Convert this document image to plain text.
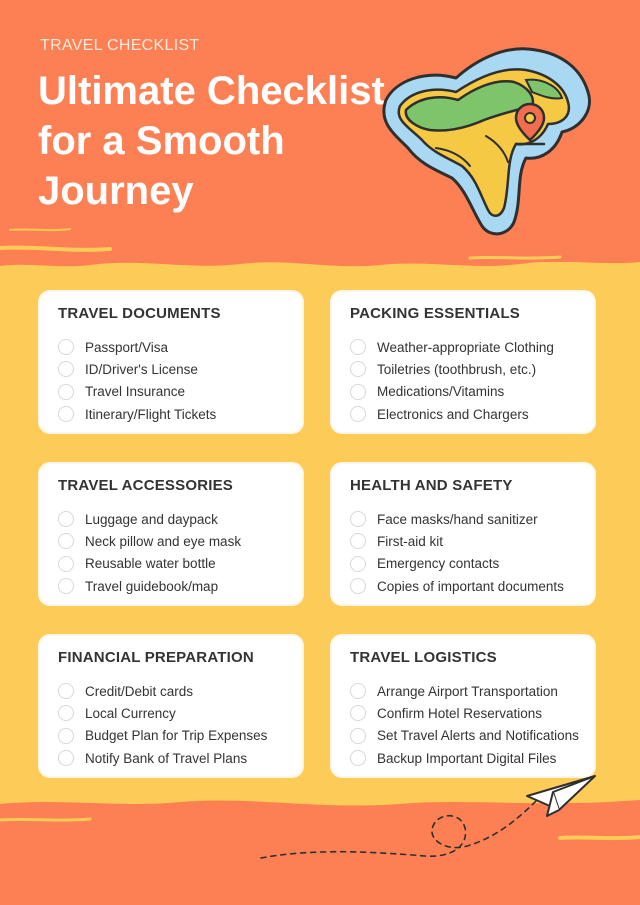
TRAVEL CHECKLIST
Ultimate Checklist for a Smooth Journey
TRAVEL DOCUMENTS
Passport/Visa
ID/Driver's License
Travel Insurance
Itinerary/Flight Tickets
PACKING ESSENTIALS
Weather-appropriate Clothing
Toiletries (toothbrush, etc.)
Medications/Vitamins
Electronics and Chargers
TRAVEL ACCESSORIES
Luggage and daypack
Neck pillow and eye mask
Reusable water bottle
Travel guidebook/map
HEALTH AND SAFETY
Face masks/hand sanitizer
First-aid kit
Emergency contacts
Copies of important documents
FINANCIAL PREPARATION
Credit/Debit cards
Local Currency
Budget Plan for Trip Expenses
Notify Bank of Travel Plans
TRAVEL LOGISTICS
Arrange Airport Transportation
Confirm Hotel Reservations
Set Travel Alerts and Notifications
Backup Important Digital Files
